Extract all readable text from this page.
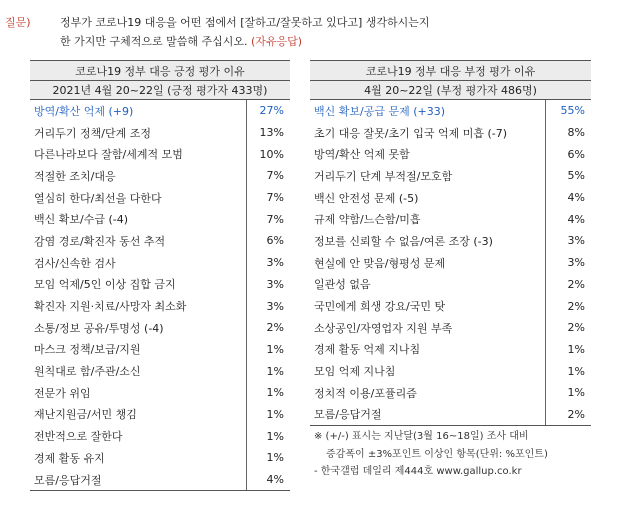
질문)	정부가 코로나19 대응을 어떤 점에서 [잘하고/잘못하고 있다고] 생각하시는지
한 가지만 구체적으로 말씀해 주십시오. (자유응답)
코로나19 정부 대응 긍정 평가 이유	
2021년 4월 20~22일 (긍정 평가자 433명)	
방역/확산 억제 (+9)	27%
거리두기 정책/단계 조정	13%
다른나라보다 잘함/세계적 모범	10%
적절한 조치/대응	7%
열심히 한다/최선을 다한다	7%
백신 확보/수급 (-4)	7%
감염 경로/확진자 동선 추적	6%
검사/신속한 검사	3%
모임 억제/5인 이상 집합 금지	3%
확진자 지원·치료/사망자 최소화	3%
소통/정보 공유/투명성 (-4)	2%
마스크 정책/보급/지원	1%
원칙대로 함/주관/소신	1%
전문가 위임	1%
재난지원금/서민 챙김	1%
전반적으로 잘한다	1%
경제 활동 유지	1%
모름/응답거절	4%
코로나19 정부 대응 부정 평가 이유	
4월 20~22일 (부정 평가자 486명)	
백신 확보/공급 문제 (+33)	55%
초기 대응 잘못/초기 입국 억제 미흡 (-7)	8%
방역/확산 억제 못함	6%
거리두기 단계 부적절/모호함	5%
백신 안전성 문제 (-5)	4%
규제 약함/느슨함/미흡	4%
정보를 신뢰할 수 없음/여론 조장 (-3)	3%
현실에 안 맞음/형평성 문제	3%
일관성 없음	2%
국민에게 희생 강요/국민 탓	2%
소상공인/자영업자 지원 부족	2%
경제 활동 억제 지나침	1%
모임 억제 지나침	1%
정치적 이용/포퓰리즘	1%
모름/응답거절	2%
※ (+/-) 표시는 지난달(3월 16~18일) 조사 대비
증감폭이 ±3%포인트 이상인 항목(단위: %포인트)
- 한국갤럽 데일리 제444호 www.gallup.co.kr
